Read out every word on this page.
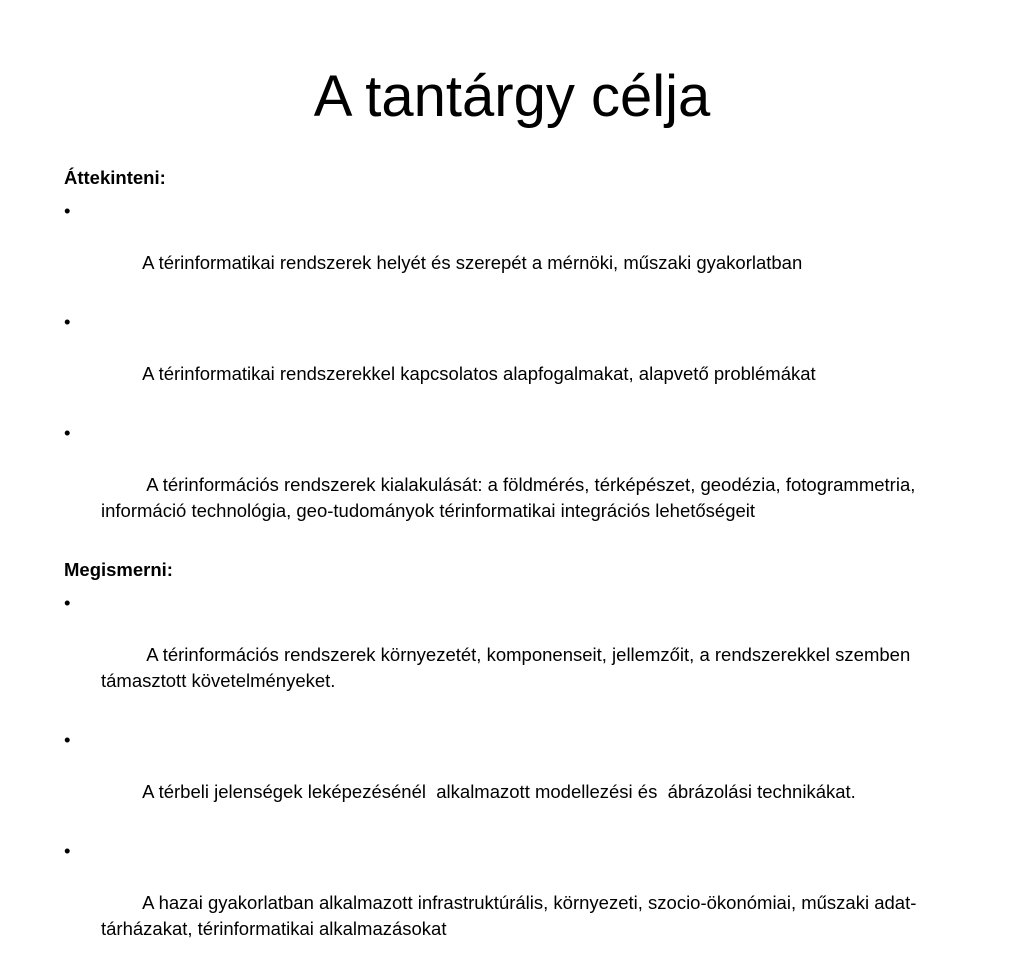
A tantárgy célja
Áttekinteni:

•

A térinformatikai rendszerek helyét és szerepét a mérnöki, műszaki gyakorlatban

•

A térinformatikai rendszerekkel kapcsolatos alapfogalmakat, alapvető problémákat

•

A térinformációs rendszerek kialakulását: a földmérés, térképészet, geodézia, fotogrammetria, információ technológia, geo-tudományok térinformatikai integrációs lehetőségeit

Megismerni:

•

A térinformációs rendszerek környezetét, komponenseit, jellemzőit, a rendszerekkel szemben támasztott követelményeket.

•

A térbeli jelenségek leképezésénél  alkalmazott modellezési és  ábrázolási technikákat.

•

A hazai gyakorlatban alkalmazott infrastruktúrális, környezeti, szocio-ökonómiai, műszaki adat-tárházakat, térinformatikai alkalmazásokat
